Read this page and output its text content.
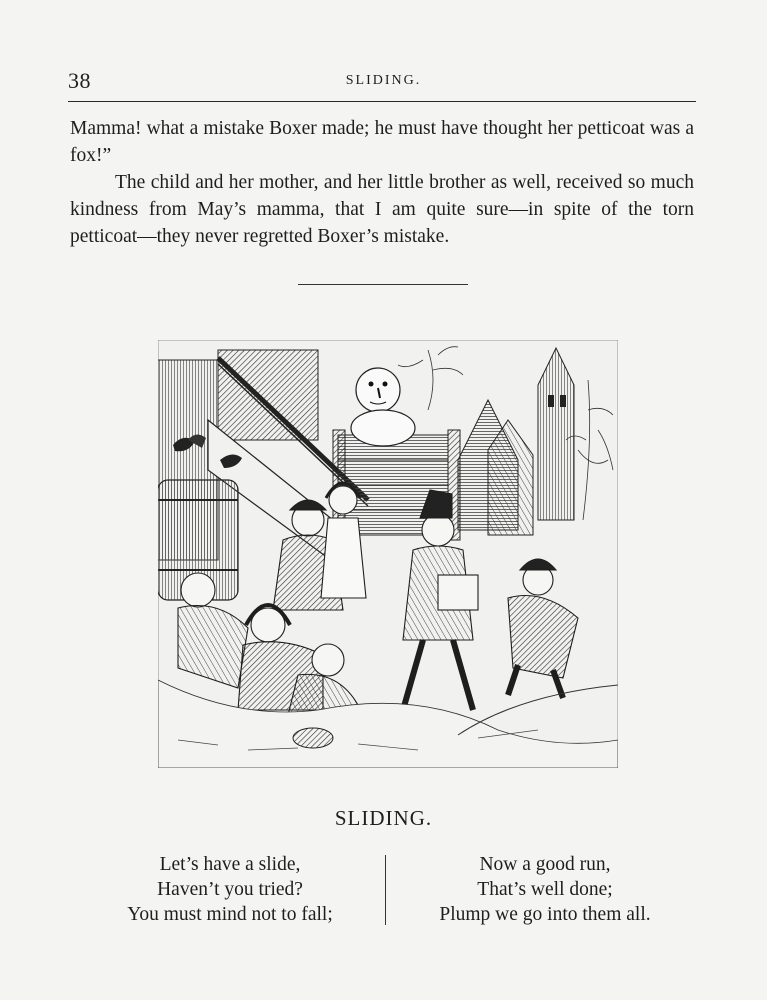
38	SLIDING.

Mamma! what a mistake Boxer made; he must have thought her petticoat was a fox!”

The child and her mother, and her little brother as well, received so much kindness from May’s mamma, that I am quite sure—in spite of the torn petticoat—they never regretted Boxer’s mistake.

SLIDING.
Let’s have a slide,
Haven’t you tried?
You must mind not to fall;
Now a good run,
That’s well done;
Plump we go into them all.
